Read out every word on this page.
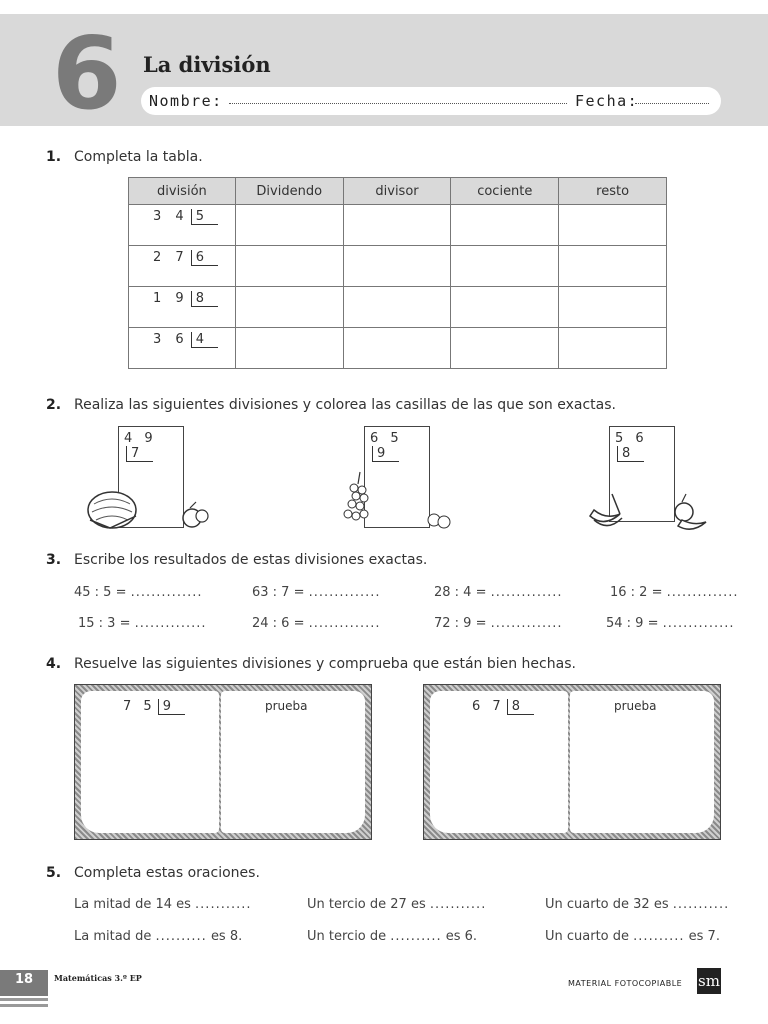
6 La división
Nombre:	Fecha:
1. Completa la tabla.
división	Dividendo	divisor	cociente	resto

3 4 5				

2 7 6				

1 9 8				

3 6 4				

2. Realiza las siguientes divisiones y colorea las casillas de las que son exactas.
4 97
6 59
5 68
3. Escribe los resultados de estas divisiones exactas.
45 : 5 = ..............	63 : 7 = ..............	28 : 4 = ..............	16 : 2 = ..............
15 : 3 = ..............	24 : 6 = ..............	72 : 9 = ..............	54 : 9 = ..............
4. Resuelve las siguientes divisiones y comprueba que están bien hechas.
7 5 9	prueba	6 7 8	prueba
5. Completa estas oraciones.
La mitad de 14 es ...........	Un tercio de 27 es ...........	Un cuarto de 32 es ...........
La mitad de .......... es 8.	Un tercio de .......... es 6.	Un cuarto de .......... es 7.
18	Matemáticas 3.º EP
MATERIAL FOTOCOPIABLE sm
